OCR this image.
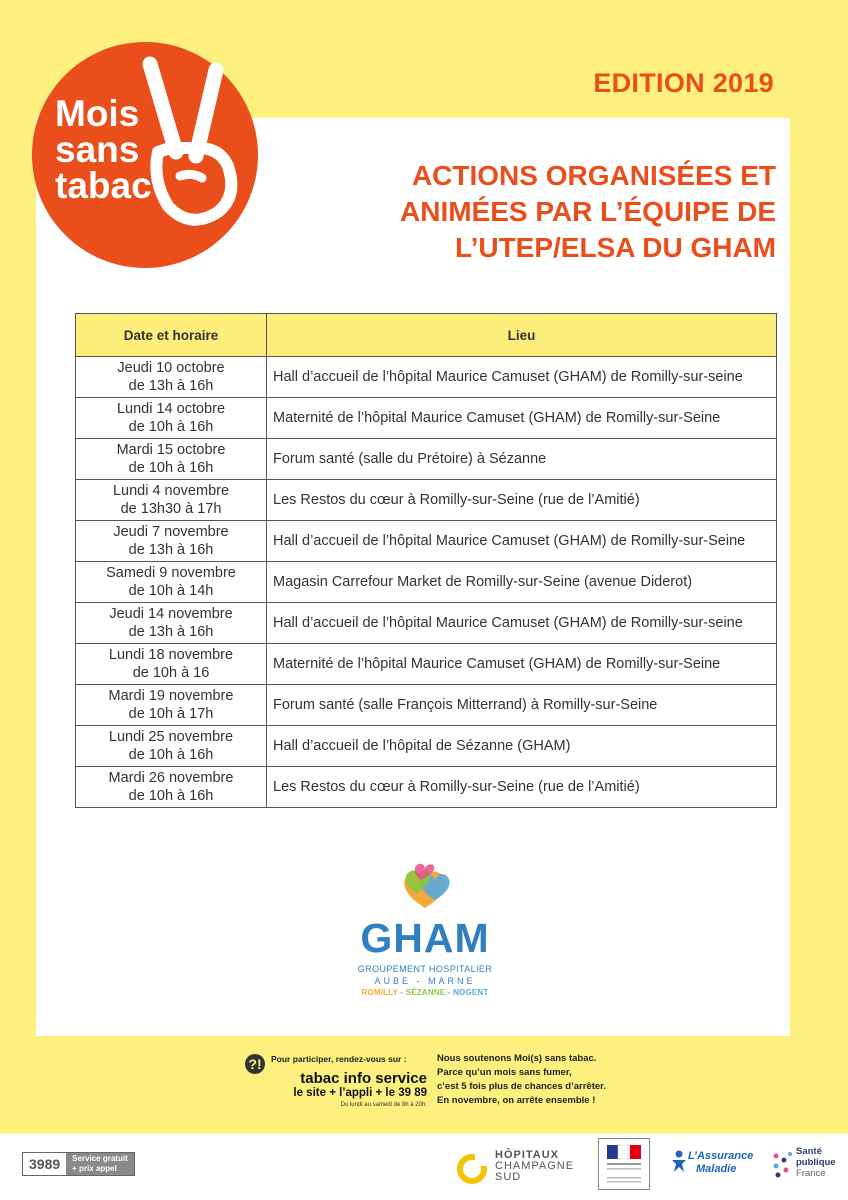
Mois
sans
tabac
EDITION 2019
ACTIONS ORGANISÉES ET
ANIMÉES PAR L’ÉQUIPE DE
L’UTEP/ELSA DU GHAM
Date et horaire	Lieu
Jeudi 10 octobre
de 13h à 16h	Hall d’accueil de l’hôpital Maurice Camuset (GHAM) de Romilly-sur-seine
Lundi 14 octobre
de 10h à 16h	Maternité de l’hôpital Maurice Camuset (GHAM) de Romilly-sur-Seine
Mardi 15 octobre
de 10h à 16h	Forum santé (salle du Prétoire) à Sézanne
Lundi 4 novembre
de 13h30 à 17h	Les Restos du cœur à Romilly-sur-Seine (rue de l’Amitié)
Jeudi 7 novembre
de 13h à 16h	Hall d’accueil de l’hôpital Maurice Camuset (GHAM) de Romilly-sur-Seine
Samedi 9 novembre
de 10h à 14h	Magasin Carrefour Market de Romilly-sur-Seine (avenue Diderot)
Jeudi 14 novembre
de 13h à 16h	Hall d’accueil de l’hôpital Maurice Camuset (GHAM) de Romilly-sur-seine
Lundi 18 novembre
de 10h à 16	Maternité de l’hôpital Maurice Camuset (GHAM) de Romilly-sur-Seine
Mardi 19 novembre
de 10h à 17h	Forum santé (salle François Mitterrand) à Romilly-sur-Seine
Lundi 25 novembre
de 10h à 16h	Hall d’accueil de l’hôpital de Sézanne (GHAM)
Mardi 26 novembre
de 10h à 16h	Les Restos du cœur à Romilly-sur-Seine (rue de l’Amitié)
GHAM
GROUPEMENT HOSPITALIER
AUBE - MARNE
ROMILLY - SÉZANNE - NOGENT
?!	Pour participer, rendez-vous sur :
tabac info service
le site + l’appli + le 39 89
Du lundi au samedi de 8h à 20h.
Nous soutenons Moi(s) sans tabac.
Parce qu’un mois sans fumer,
c’est 5 fois plus de chances d’arrêter.
En novembre, on arrête ensemble !
3989	Service gratuit
+ prix appel
HÔPITAUX
CHAMPAGNE
SUD
L’Assurance
Maladie
Santé
publique
France
